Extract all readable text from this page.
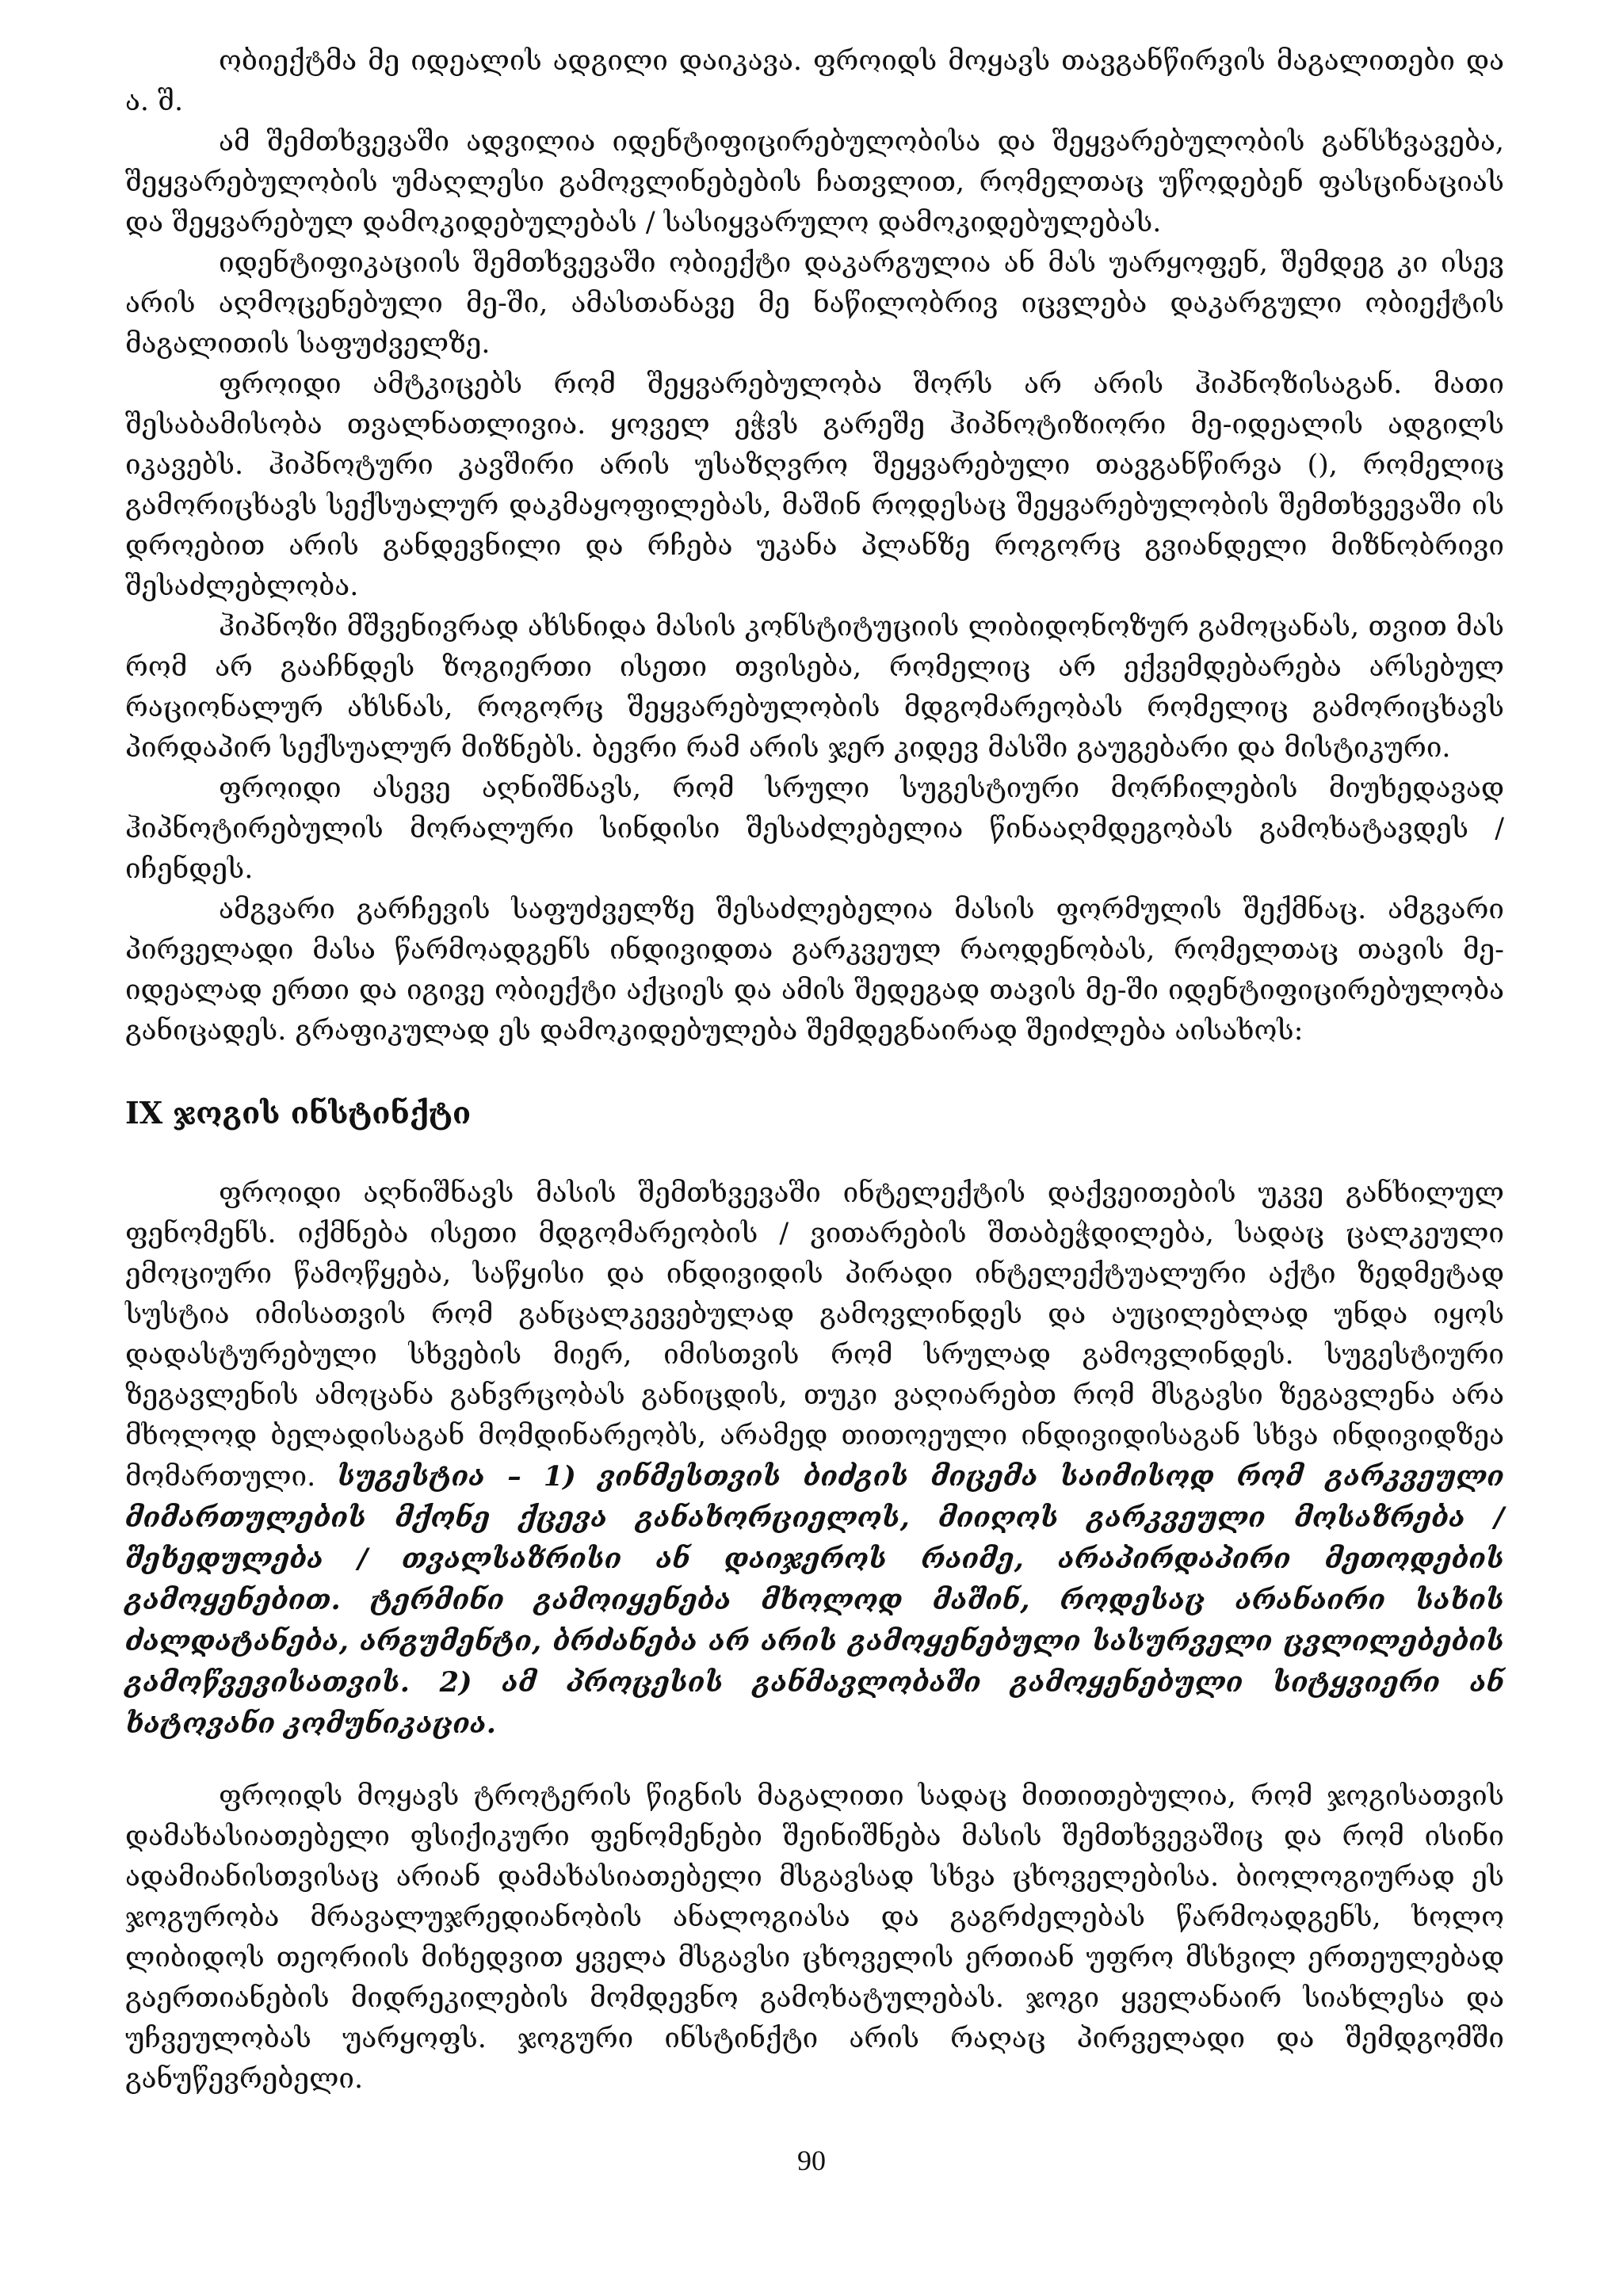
ობიექტმა მე იდეალის ადგილი დაიკავა. ფროიდს მოყავს თავგანწირვის მაგალითები და ა. შ.

ამ შემთხვევაში ადვილია იდენტიფიცირებულობისა და შეყვარებულობის განსხვავება, შეყვარებულობის უმაღლესი გამოვლინებების ჩათვლით, რომელთაც უწოდებენ ფასცინაციას და შეყვარებულ დამოკიდებულებას / სასიყვარულო დამოკიდებულებას.

იდენტიფიკაციის შემთხვევაში ობიექტი დაკარგულია ან მას უარყოფენ, შემდეგ კი ისევ არის აღმოცენებული მე-ში, ამასთანავე მე ნაწილობრივ იცვლება დაკარგული ობიექტის მაგალითის საფუძველზე.

ფროიდი ამტკიცებს რომ შეყვარებულობა შორს არ არის ჰიპნოზისაგან. მათი შესაბამისობა თვალნათლივია. ყოველ ეჭვს გარეშე ჰიპნოტიზიორი მე-იდეალის ადგილს იკავებს. ჰიპნოტური კავშირი არის უსაზღვრო შეყვარებული თავგანწირვა (), რომელიც გამორიცხავს სექსუალურ დაკმაყოფილებას, მაშინ როდესაც შეყვარებულობის შემთხვევაში ის დროებით არის განდევნილი და რჩება უკანა პლანზე როგორც გვიანდელი მიზნობრივი შესაძლებლობა.

ჰიპნოზი მშვენივრად ახსნიდა მასის კონსტიტუციის ლიბიდონოზურ გამოცანას, თვით მას რომ არ გააჩნდეს ზოგიერთი ისეთი თვისება, რომელიც არ ექვემდებარება არსებულ რაციონალურ ახსნას, როგორც შეყვარებულობის მდგომარეობას რომელიც გამორიცხავს პირდაპირ სექსუალურ მიზნებს. ბევრი რამ არის ჯერ კიდევ მასში გაუგებარი და მისტიკური.

ფროიდი ასევე აღნიშნავს, რომ სრული სუგესტიური მორჩილების მიუხედავად ჰიპნოტირებულის მორალური სინდისი შესაძლებელია წინააღმდეგობას გამოხატავდეს / იჩენდეს.

ამგვარი გარჩევის საფუძველზე შესაძლებელია მასის ფორმულის შექმნაც. ამგვარი პირველადი მასა წარმოადგენს ინდივიდთა გარკვეულ რაოდენობას, რომელთაც თავის მე-იდეალად ერთი და იგივე ობიექტი აქციეს და ამის შედეგად თავის მე-ში იდენტიფიცირებულობა განიცადეს. გრაფიკულად ეს დამოკიდებულება შემდეგნაირად შეიძლება აისახოს:

IX ჯოგის ინსტინქტი

ფროიდი აღნიშნავს მასის შემთხვევაში ინტელექტის დაქვეითების უკვე განხილულ ფენომენს. იქმნება ისეთი მდგომარეობის / ვითარების შთაბეჭდილება, სადაც ცალკეული ემოციური წამოწყება, საწყისი და ინდივიდის პირადი ინტელექტუალური აქტი ზედმეტად სუსტია იმისათვის რომ განცალკევებულად გამოვლინდეს და აუცილებლად უნდა იყოს დადასტურებული სხვების მიერ, იმისთვის რომ სრულად გამოვლინდეს. სუგესტიური ზეგავლენის ამოცანა განვრცობას განიცდის, თუკი ვაღიარებთ რომ მსგავსი ზეგავლენა არა მხოლოდ ბელადისაგან მომდინარეობს, არამედ თითოეული ინდივიდისაგან სხვა ინდივიდზეა მომართული. სუგესტია – 1) ვინმესთვის ბიძგის მიცემა საიმისოდ რომ გარკვეული მიმართულების მქონე ქცევა განახორციელოს, მიიღოს გარკვეული მოსაზრება / შეხედულება / თვალსაზრისი ან დაიჯეროს რაიმე, არაპირდაპირი მეთოდების გამოყენებით. ტერმინი გამოიყენება მხოლოდ მაშინ, როდესაც არანაირი სახის ძალდატანება, არგუმენტი, ბრძანება არ არის გამოყენებული სასურველი ცვლილებების გამოწვევისათვის. 2) ამ პროცესის განმავლობაში გამოყენებული სიტყვიერი ან ხატოვანი კომუნიკაცია.

ფროიდს მოყავს ტროტერის წიგნის მაგალითი სადაც მითითებულია, რომ ჯოგისათვის დამახასიათებელი ფსიქიკური ფენომენები შეინიშნება მასის შემთხვევაშიც და რომ ისინი ადამიანისთვისაც არიან დამახასიათებელი მსგავსად სხვა ცხოველებისა. ბიოლოგიურად ეს ჯოგურობა მრავალუჯრედიანობის ანალოგიასა და გაგრძელებას წარმოადგენს, ხოლო ლიბიდოს თეორიის მიხედვით ყველა მსგავსი ცხოველის ერთიან უფრო მსხვილ ერთეულებად გაერთიანების მიდრეკილების მომდევნო გამოხატულებას. ჯოგი ყველანაირ სიახლესა და უჩვეულობას უარყოფს. ჯოგური ინსტინქტი არის რაღაც პირველადი და შემდგომში განუწევრებელი.

90
